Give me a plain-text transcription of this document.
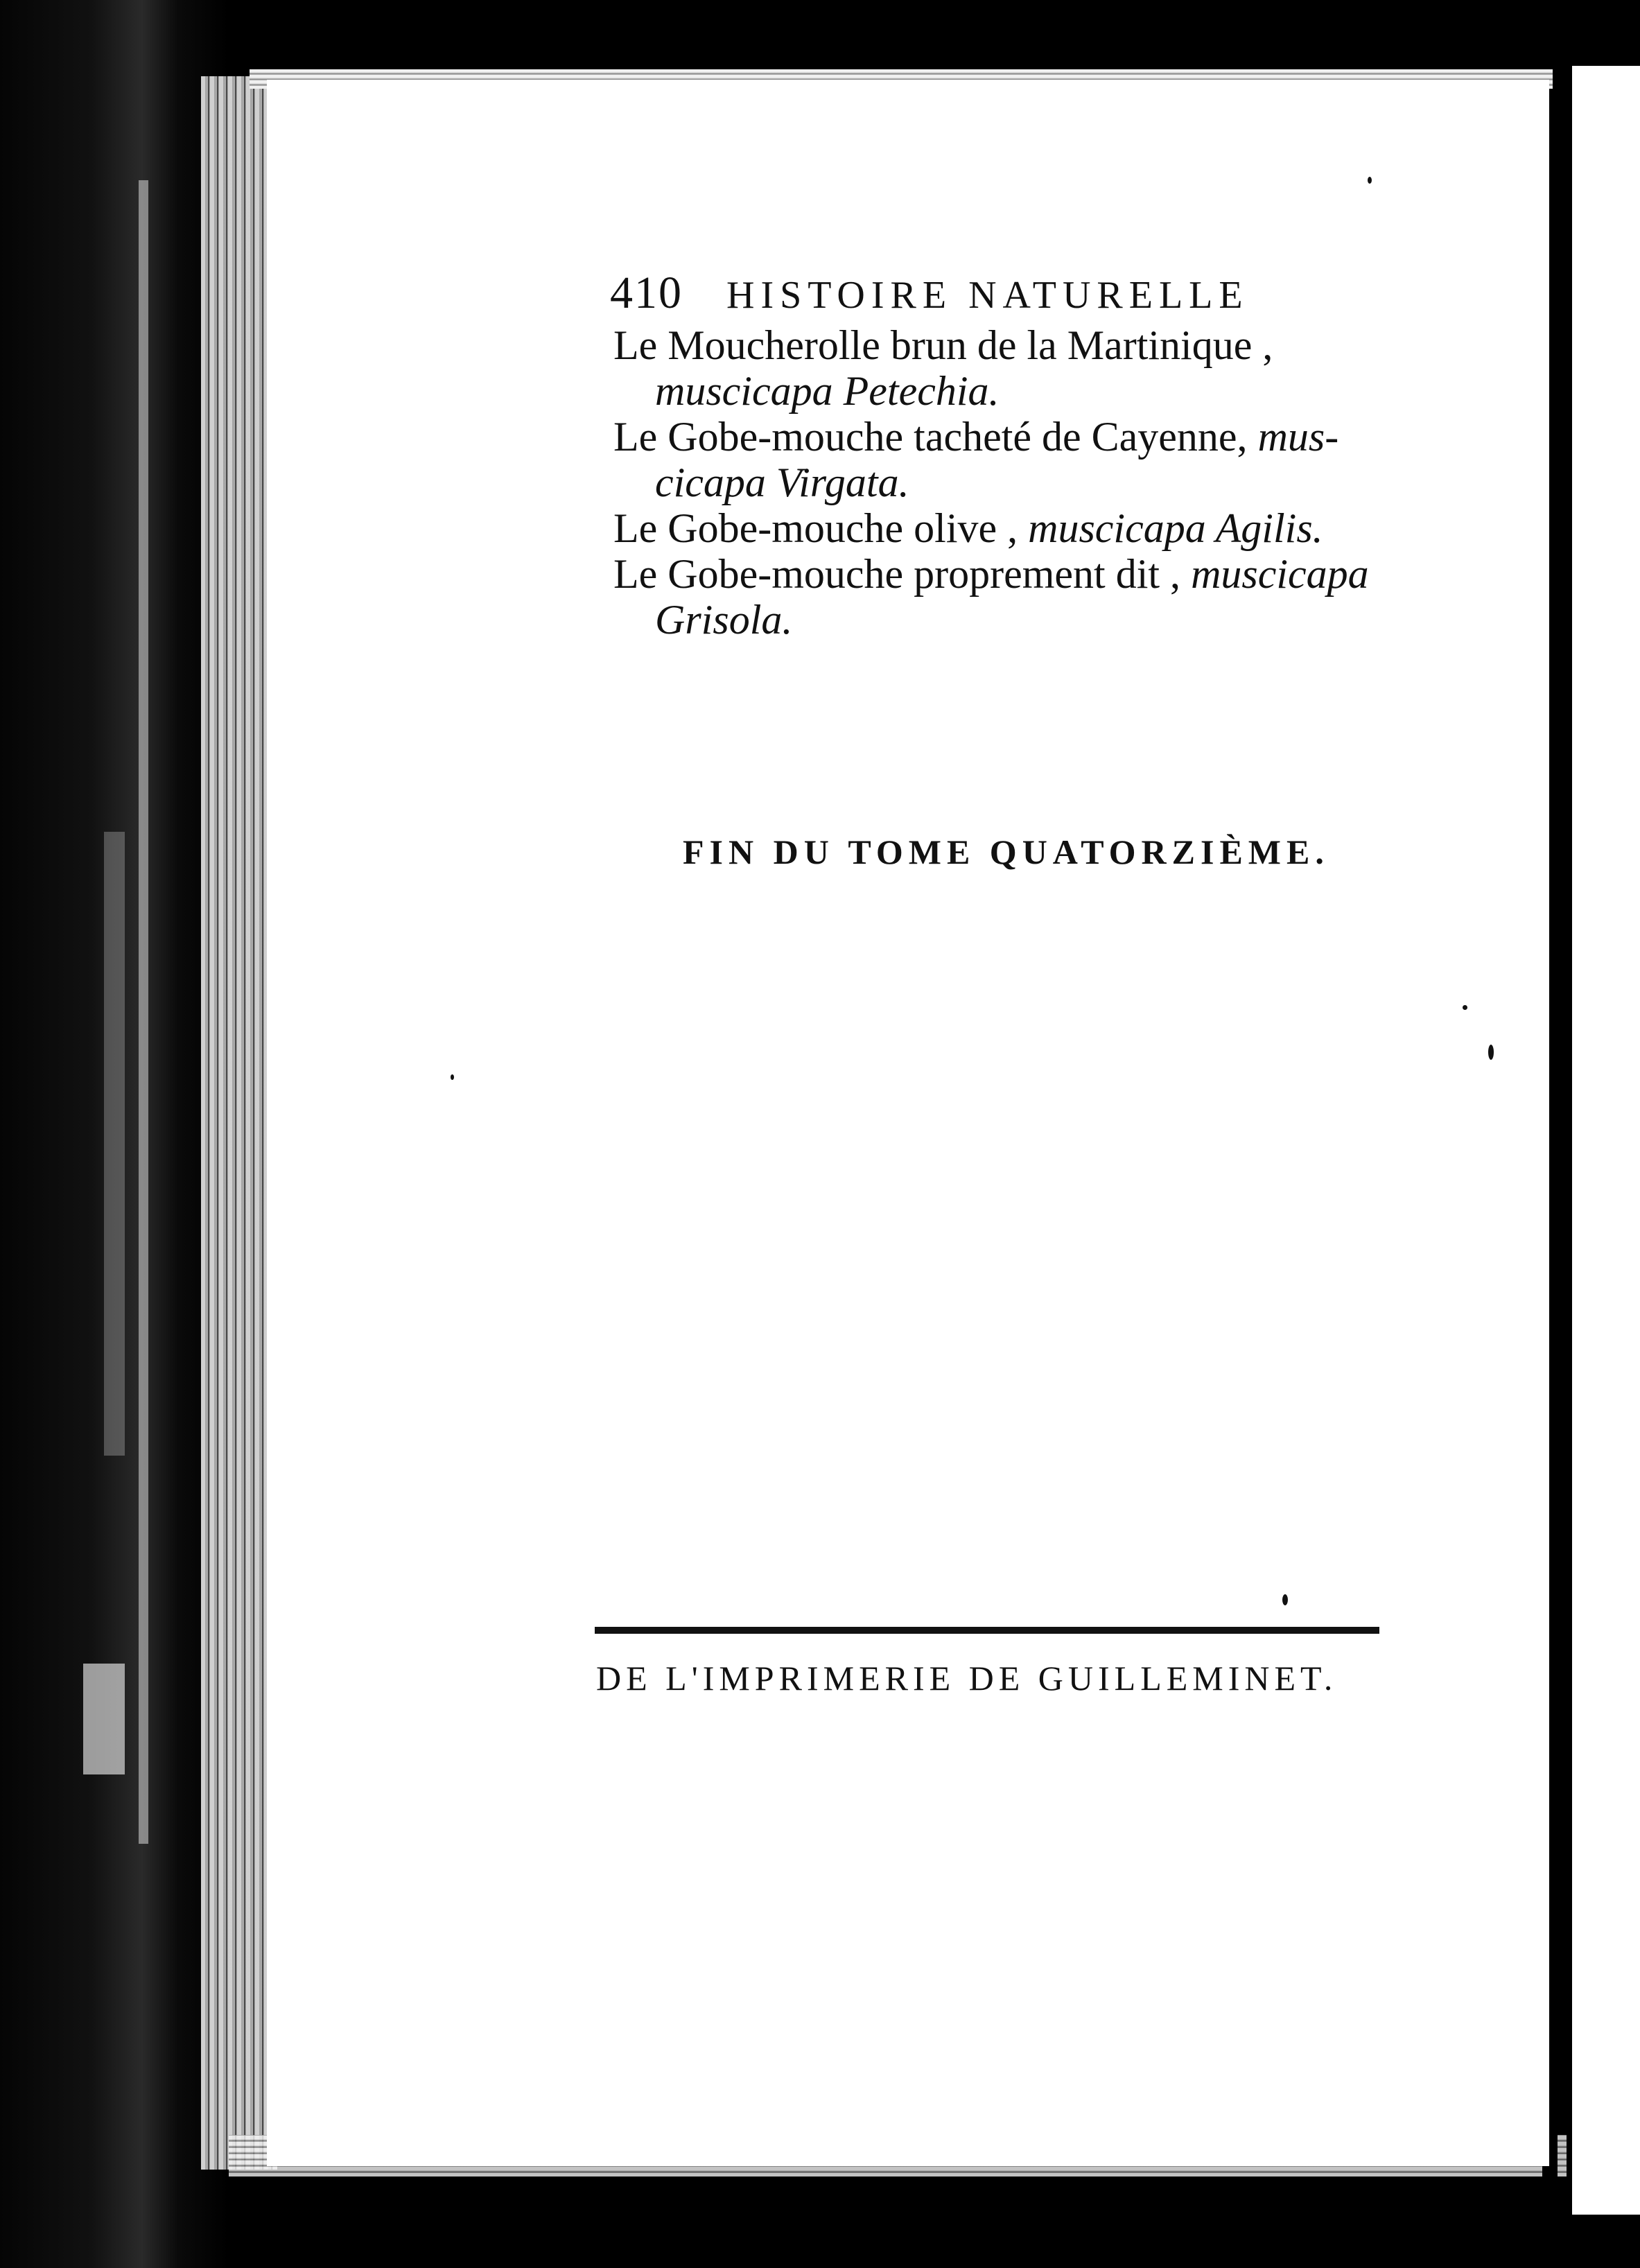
410 HISTOIRE NATURELLE

Le Moucherolle brun de la Martinique ,
muscicapa Petechia.

Le Gobe-mouche tacheté de Cayenne, mus-
cicapa Virgata.

Le Gobe-mouche olive , muscicapa Agilis.

Le Gobe-mouche proprement dit , muscicapa
Grisola.

FIN DU TOME QUATORZIÈME.
DE L'IMPRIMERIE DE GUILLEMINET.
